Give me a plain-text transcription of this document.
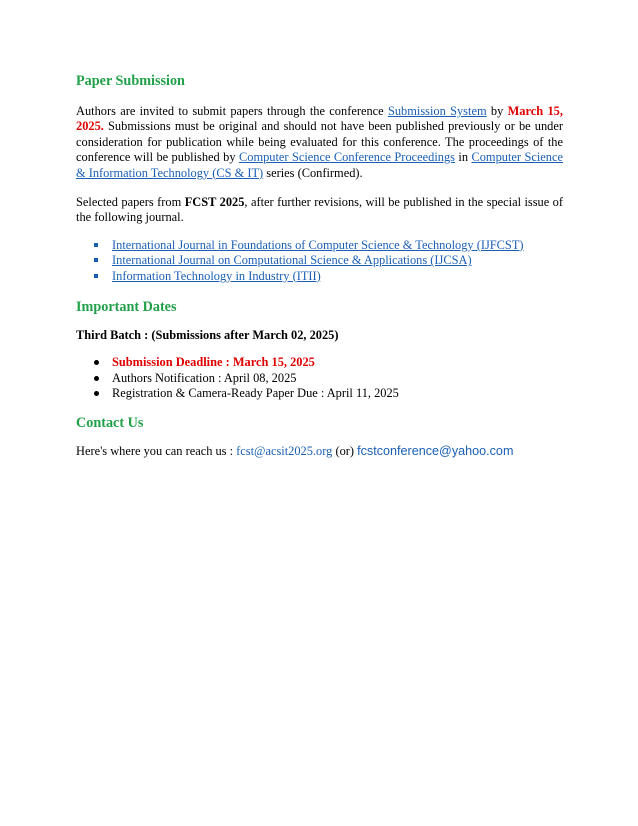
Paper Submission

Authors are invited to submit papers through the conference Submission System by March 15, 2025. Submissions must be original and should not have been published previously or be under consideration for publication while being evaluated for this conference. The proceedings of the conference will be published by Computer Science Conference Proceedings in Computer Science & Information Technology (CS & IT) series (Confirmed).

Selected papers from FCST 2025, after further revisions, will be published in the special issue of the following journal.

International Journal in Foundations of Computer Science & Technology (IJFCST)
International Journal on Computational Science & Applications (IJCSA)
Information Technology in Industry (ITII)
Important Dates

Third Batch : (Submissions after March 02, 2025)

Submission Deadline : March 15, 2025
Authors Notification : April 08, 2025
Registration & Camera-Ready Paper Due : April 11, 2025
Contact Us

Here's where you can reach us : fcst@acsit2025.org (or) fcstconference@yahoo.com
